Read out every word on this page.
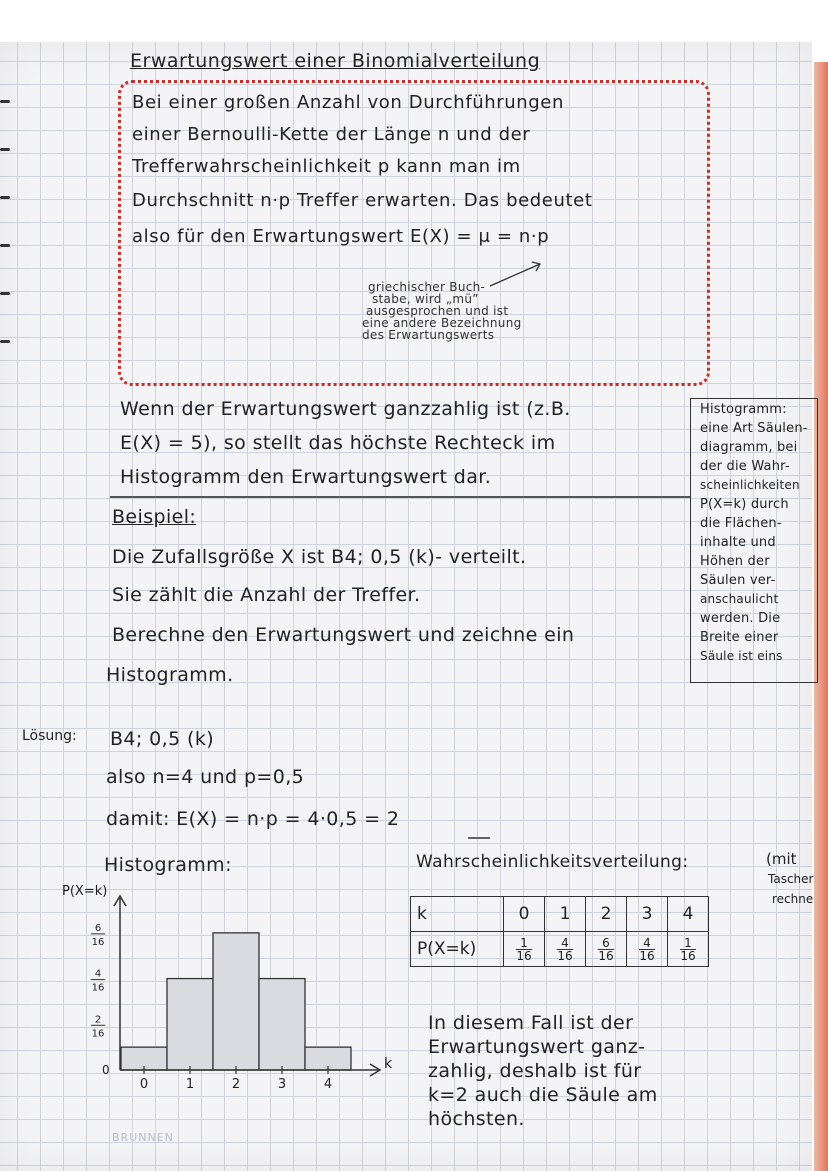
Erwartungswert einer Binomialverteilung
Bei einer großen Anzahl von Durchführungen
einer Bernoulli-Kette der Länge n und der
Trefferwahrscheinlichkeit p kann man im
Durchschnitt n·p Treffer erwarten. Das bedeutet
also für den Erwartungswert E(X) = μ = n·p
griechischer Buch-
stabe, wird „mü”
ausgesprochen und ist
eine andere Bezeichnung
des Erwartungswerts
Wenn der Erwartungswert ganzzahlig ist (z.B.
E(X) = 5), so stellt das höchste Rechteck im
Histogramm den Erwartungswert dar.
Histogramm:
eine Art Säulen-
diagramm, bei
der die Wahr-
scheinlichkeiten
P(X=k) durch
die Flächen-
inhalte und
Höhen der
Säulen ver-
anschaulicht
werden. Die
Breite einer
Säule ist eins
Beispiel:
Die Zufallsgröße X ist B4; 0,5 (k)- verteilt.
Sie zählt die Anzahl der Treffer.
Berechne den Erwartungswert und zeichne ein
Histogramm.
Lösung: B4; 0,5 (k)
also n=4 und p=0,5
damit: E(X) = n·p = 4·0,5 = 2
Histogramm:
P(X=k)
0	1	2	3	4
6
16
4
16
2
16
0	k
Wahrscheinlichkeitsverteilung:	(mit
Tascher
rechne
k	0	1	2	3	4
P(X=k)	$\frac{1}{16}$	$\frac{4}{16}$	$\frac{6}{16}$	$\frac{4}{16}$	$\frac{1}{16}$
In diesem Fall ist der
Erwartungswert ganz-
zahlig, deshalb ist für
k=2 auch die Säule am
höchsten.
BRUNNEN
